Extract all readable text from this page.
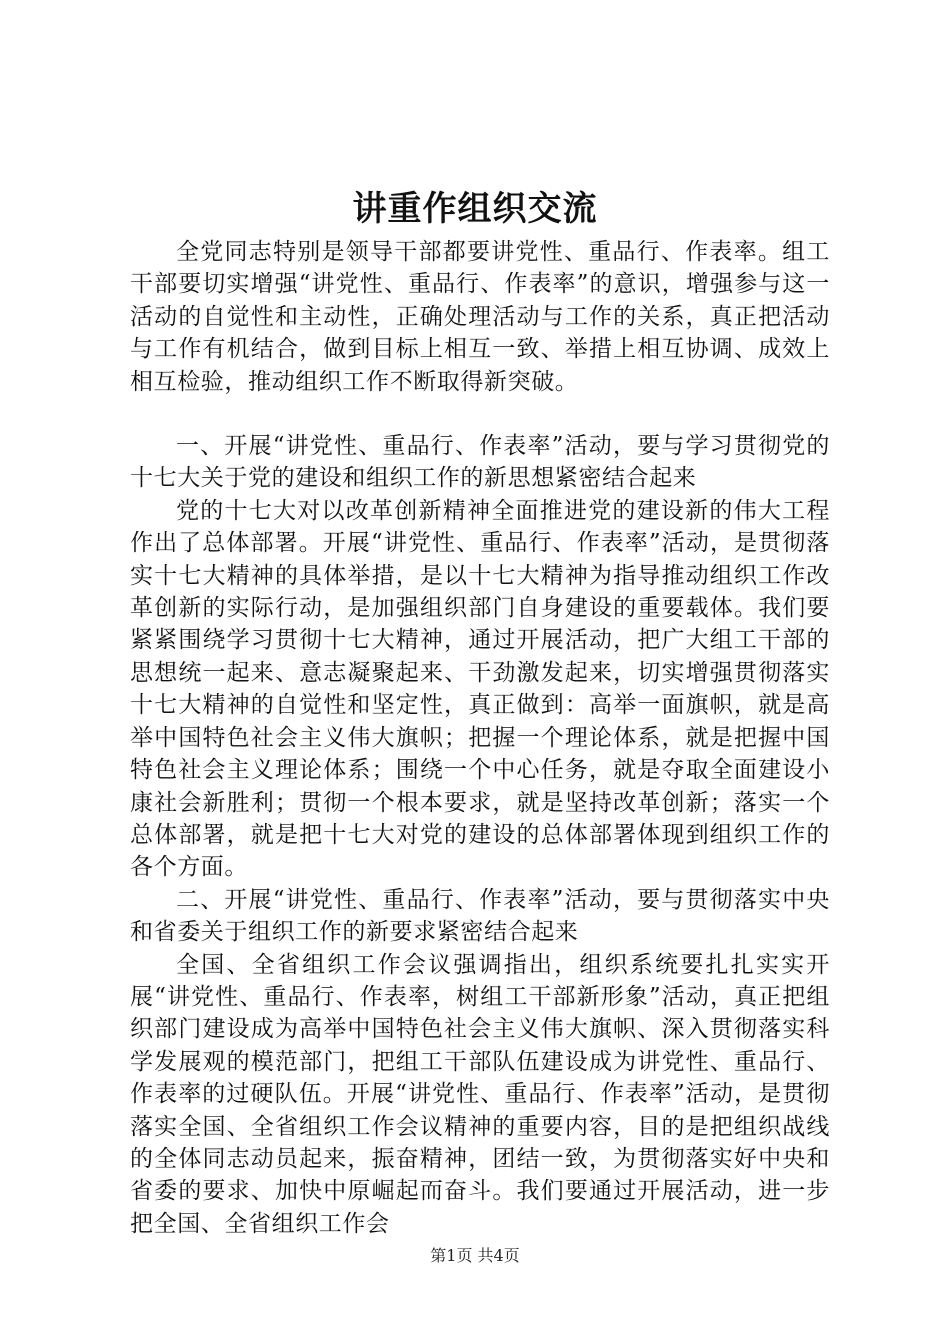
讲重作组织交流

全党同志特别是领导干部都要讲党性、重品行、作表率。组工干部要切实增强“讲党性、重品行、作表率”的意识，增强参与这一活动的自觉性和主动性，正确处理活动与工作的关系，真正把活动与工作有机结合，做到目标上相互一致、举措上相互协调、成效上相互检验，推动组织工作不断取得新突破。

一、开展“讲党性、重品行、作表率”活动，要与学习贯彻党的十七大关于党的建设和组织工作的新思想紧密结合起来

党的十七大对以改革创新精神全面推进党的建设新的伟大工程作出了总体部署。开展“讲党性、重品行、作表率”活动，是贯彻落实十七大精神的具体举措，是以十七大精神为指导推动组织工作改革创新的实际行动，是加强组织部门自身建设的重要载体。我们要紧紧围绕学习贯彻十七大精神，通过开展活动，把广大组工干部的思想统一起来、意志凝聚起来、干劲激发起来，切实增强贯彻落实十七大精神的自觉性和坚定性，真正做到：高举一面旗帜，就是高举中国特色社会主义伟大旗帜；把握一个理论体系，就是把握中国特色社会主义理论体系；围绕一个中心任务，就是夺取全面建设小康社会新胜利；贯彻一个根本要求，就是坚持改革创新；落实一个总体部署，就是把十七大对党的建设的总体部署体现到组织工作的各个方面。

二、开展“讲党性、重品行、作表率”活动，要与贯彻落实中央和省委关于组织工作的新要求紧密结合起来

全国、全省组织工作会议强调指出，组织系统要扎扎实实开展“讲党性、重品行、作表率，树组工干部新形象”活动，真正把组织部门建设成为高举中国特色社会主义伟大旗帜、深入贯彻落实科学发展观的模范部门，把组工干部队伍建设成为讲党性、重品行、作表率的过硬队伍。开展“讲党性、重品行、作表率”活动，是贯彻落实全国、全省组织工作会议精神的重要内容，目的是把组织战线的全体同志动员起来，振奋精神，团结一致，为贯彻落实好中央和省委的要求、加快中原崛起而奋斗。我们要通过开展活动，进一步把全国、全省组织工作会

第1页 共4页
